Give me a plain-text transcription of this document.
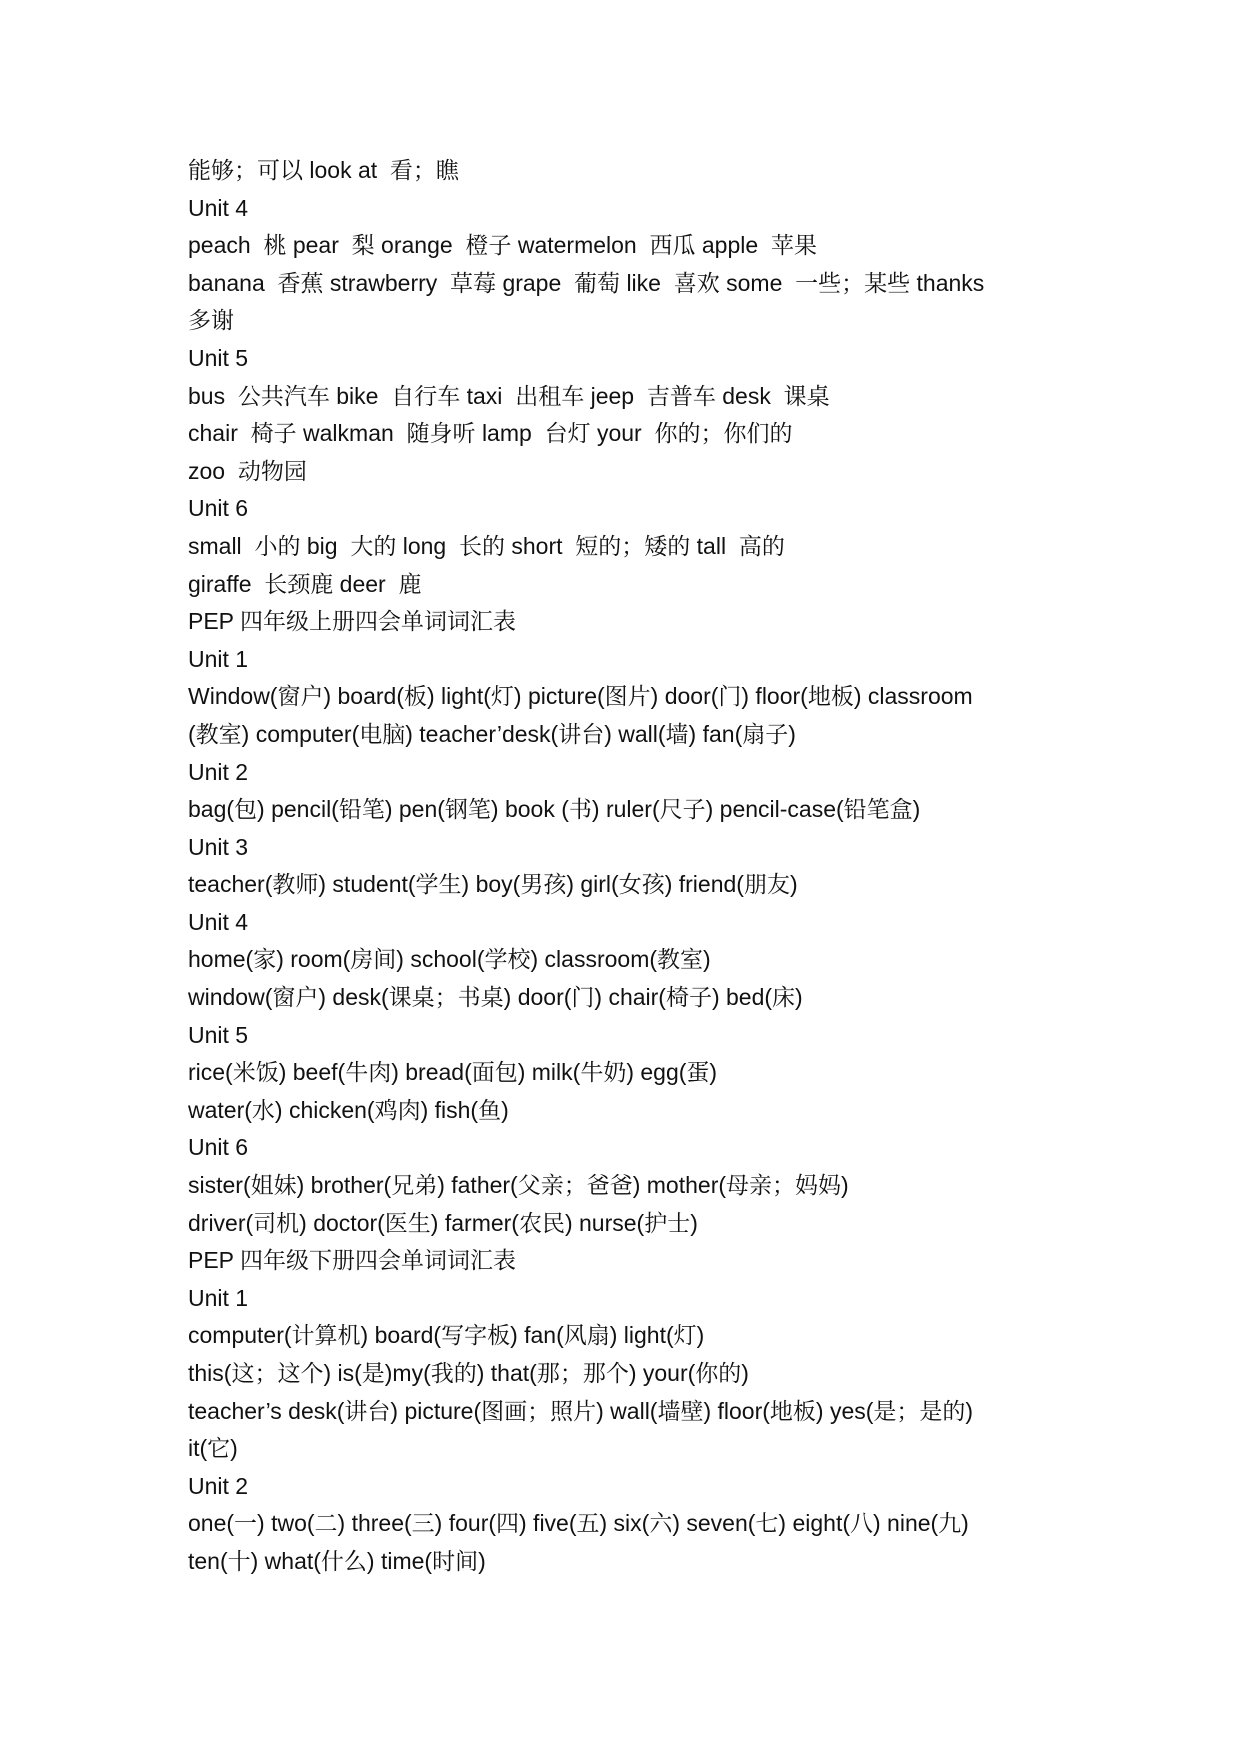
能够；可以 look at  看；瞧
Unit 4
peach  桃 pear  梨 orange  橙子 watermelon  西瓜 apple  苹果
banana  香蕉 strawberry  草莓 grape  葡萄 like  喜欢 some  一些；某些 thanks
多谢
Unit 5
bus  公共汽车 bike  自行车 taxi  出租车 jeep  吉普车 desk  课桌
chair  椅子 walkman  随身听 lamp  台灯 your  你的；你们的
zoo  动物园
Unit 6
small  小的 big  大的 long  长的 short  短的；矮的 tall  高的
giraffe  长颈鹿 deer  鹿
PEP 四年级上册四会单词词汇表
Unit 1
Window(窗户) board(板) light(灯) picture(图片) door(门) floor(地板) classroom
(教室) computer(电脑) teacher’desk(讲台) wall(墙) fan(扇子)
Unit 2
bag(包) pencil(铅笔) pen(钢笔) book (书) ruler(尺子) pencil-case(铅笔盒)
Unit 3
teacher(教师) student(学生) boy(男孩) girl(女孩) friend(朋友)
Unit 4
home(家) room(房间) school(学校) classroom(教室)
window(窗户) desk(课桌；书桌) door(门) chair(椅子) bed(床)
Unit 5
rice(米饭) beef(牛肉) bread(面包) milk(牛奶) egg(蛋)
water(水) chicken(鸡肉) fish(鱼)
Unit 6
sister(姐妹) brother(兄弟) father(父亲；爸爸) mother(母亲；妈妈)
driver(司机) doctor(医生) farmer(农民) nurse(护士)
PEP 四年级下册四会单词词汇表
Unit 1
computer(计算机) board(写字板) fan(风扇) light(灯)
this(这；这个) is(是)my(我的) that(那；那个) your(你的)
teacher’s desk(讲台) picture(图画；照片) wall(墙壁) floor(地板) yes(是；是的)
it(它)
Unit 2
one(一) two(二) three(三) four(四) five(五) six(六) seven(七) eight(八) nine(九)
ten(十) what(什么) time(时间)
